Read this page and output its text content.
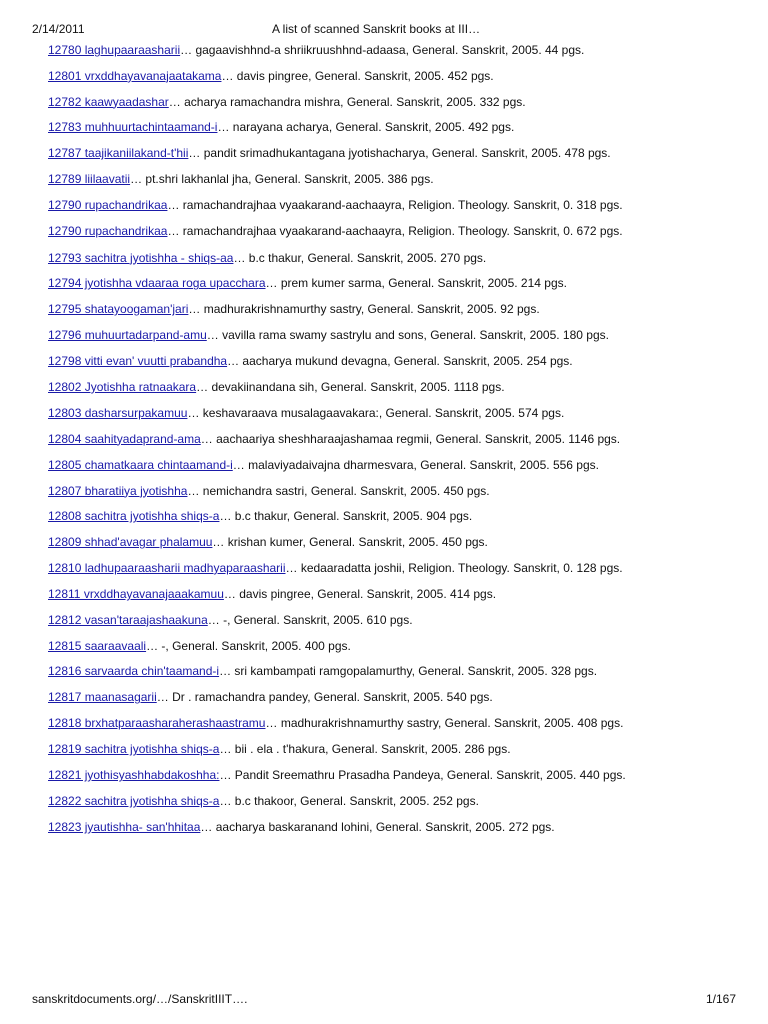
2/14/2011	A list of scanned Sanskrit books at III…
12780 laghupaaraasharii… gagaavishhnd-a shriikruushhnd-adaasa, General. Sanskrit, 2005. 44 pgs.
12801 vrxddhayavanajaatakama… davis pingree, General. Sanskrit, 2005. 452 pgs.
12782 kaawyaadashar… acharya ramachandra mishra, General. Sanskrit, 2005. 332 pgs.
12783 muhhuurtachintaamand-i… narayana acharya, General. Sanskrit, 2005. 492 pgs.
12787 taajikaniilakand-t'hii… pandit srimadhukantagana jyotishacharya, General. Sanskrit, 2005. 478 pgs.
12789 liilaavatii… pt.shri lakhanlal jha, General. Sanskrit, 2005. 386 pgs.
12790 rupachandrikaa… ramachandrajhaa vyaakarand-aachaayra, Religion. Theology. Sanskrit, 0. 318 pgs.
12790 rupachandrikaa… ramachandrajhaa vyaakarand-aachaayra, Religion. Theology. Sanskrit, 0. 672 pgs.
12793 sachitra jyotishha - shiqs-aa… b.c thakur, General. Sanskrit, 2005. 270 pgs.
12794 jyotishha vdaaraa roga upacchara… prem kumer sarma, General. Sanskrit, 2005. 214 pgs.
12795 shatayoogaman'jari… madhurakrishnamurthy sastry, General. Sanskrit, 2005. 92 pgs.
12796 muhuurtadarpand-amu… vavilla rama swamy sastrylu and sons, General. Sanskrit, 2005. 180 pgs.
12798 vitti evan' vuutti prabandha… aacharya mukund devagna, General. Sanskrit, 2005. 254 pgs.
12802 Jyotishha ratnaakara… devakiinandana sih, General. Sanskrit, 2005. 1118 pgs.
12803 dasharsurpakamuu… keshavaraava musalagaavakara:, General. Sanskrit, 2005. 574 pgs.
12804 saahityadaprand-ama… aachaariya sheshharaajashamaa regmii, General. Sanskrit, 2005. 1146 pgs.
12805 chamatkaara chintaamand-i… malaviyadaivajna dharmesvara, General. Sanskrit, 2005. 556 pgs.
12807 bharatiiya jyotishha… nemichandra sastri, General. Sanskrit, 2005. 450 pgs.
12808 sachitra jyotishha shiqs-a… b.c thakur, General. Sanskrit, 2005. 904 pgs.
12809 shhad'avagar phalamuu… krishan kumer, General. Sanskrit, 2005. 450 pgs.
12810 ladhupaaraasharii madhyaparaasharii… kedaaradatta joshii, Religion. Theology. Sanskrit, 0. 128 pgs.
12811 vrxddhayavanajaaakamuu… davis pingree, General. Sanskrit, 2005. 414 pgs.
12812 vasan'taraajashaakuna… -, General. Sanskrit, 2005. 610 pgs.
12815 saaraavaali… -, General. Sanskrit, 2005. 400 pgs.
12816 sarvaarda chin'taamand-i… sri kambampati ramgopalamurthy, General. Sanskrit, 2005. 328 pgs.
12817 maanasagarii… Dr . ramachandra pandey, General. Sanskrit, 2005. 540 pgs.
12818 brxhatparaasharaherashaastramu… madhurakrishnamurthy sastry, General. Sanskrit, 2005. 408 pgs.
12819 sachitra jyotishha shiqs-a… bii . ela . t'hakura, General. Sanskrit, 2005. 286 pgs.
12821 jyothisyashhabdakoshha:… Pandit Sreemathru Prasadha Pandeya, General. Sanskrit, 2005. 440 pgs.
12822 sachitra jyotishha shiqs-a… b.c thakoor, General. Sanskrit, 2005. 252 pgs.
12823 jyautishha- san'hhitaa… aacharya baskaranand lohini, General. Sanskrit, 2005. 272 pgs.
sanskritdocuments.org/…/SanskritIIIT….	1/167
